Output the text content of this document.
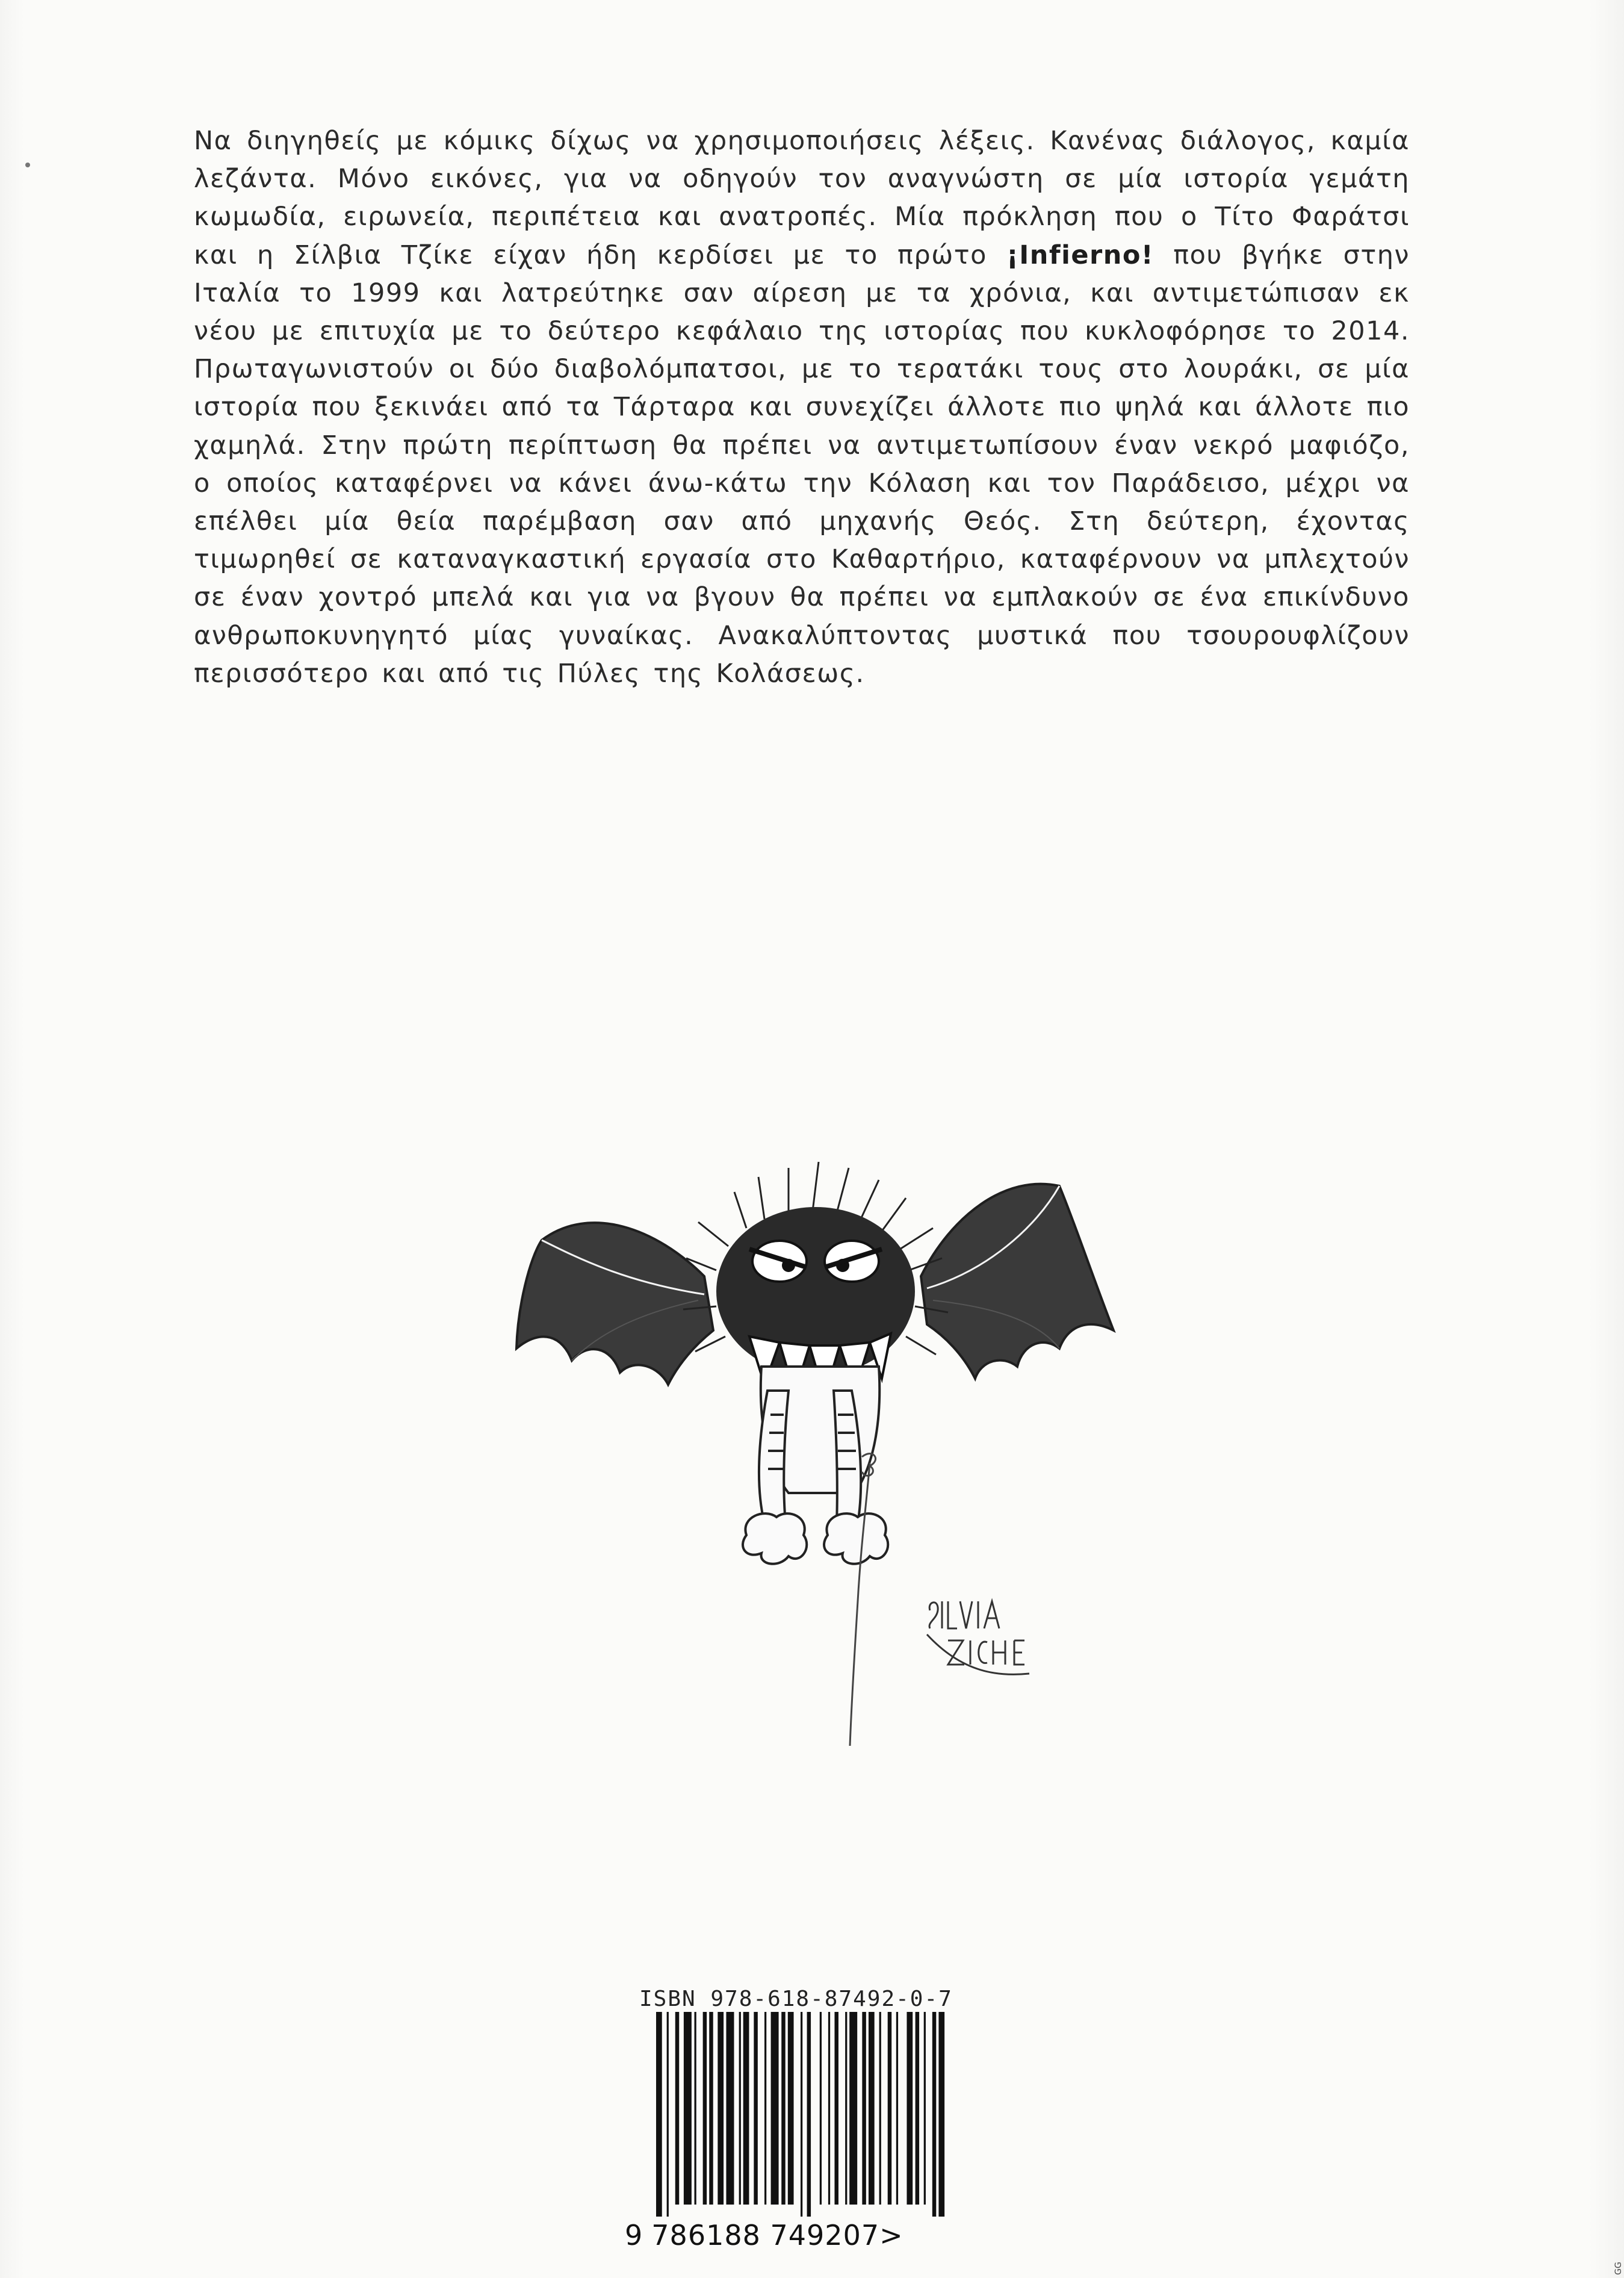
Να διηγηθείς με κόμικς δίχως να χρησιμοποιήσεις λέξεις. Κανένας διάλογος, καμία λεζάντα. Μόνο εικόνες, για να οδηγούν τον αναγνώστη σε μία ιστορία γεμάτη κωμωδία, ειρωνεία, περιπέτεια και ανατροπές. Μία πρόκληση που ο Τίτο Φαράτσι και η Σίλβια Τζίκε είχαν ήδη κερδίσει με το πρώτο ¡Infierno! που βγήκε στην Ιταλία το 1999 και λατρεύτηκε σαν αίρεση με τα χρόνια, και αντιμετώπισαν εκ νέου με επιτυχία με το δεύτερο κεφάλαιο της ιστορίας που κυκλοφόρησε το 2014. Πρωταγωνιστούν οι δύο διαβολόμπατσοι, με το τερατάκι τους στο λουράκι, σε μία ιστορία που ξεκινάει από τα Τάρταρα και συνεχίζει άλλοτε πιο ψηλά και άλλοτε πιο χαμηλά. Στην πρώτη περίπτωση θα πρέπει να αντιμετωπίσουν έναν νεκρό μαφιόζο, ο οποίος καταφέρνει να κάνει άνω-κάτω την Κόλαση και τον Παράδεισο, μέχρι να επέλθει μία θεία παρέμβαση σαν από μηχανής Θεός. Στη δεύτερη, έχοντας τιμωρηθεί σε καταναγκαστική εργασία στο Καθαρτήριο, καταφέρνουν να μπλεχτούν σε έναν χοντρό μπελά και για να βγουν θα πρέπει να εμπλακούν σε ένα επικίνδυνο ανθρωποκυνηγητό μίας γυναίκας. Ανακαλύπτοντας μυστικά που τσουρουφλίζουν περισσότερο και από τις Πύλες της Κολάσεως.

ISBN 978-618-87492-0-7
9 786188 749207>
GG
